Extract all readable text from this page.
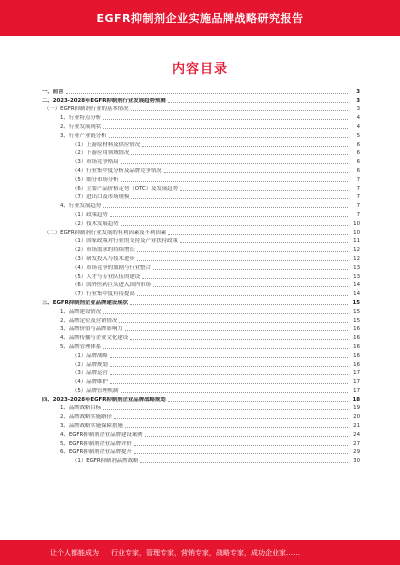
EGFR抑制剂企业实施品牌战略研究报告
内容目录
一、前言	3
二、2023-2028年EGFR抑制剂行业发展趋势预测	3
（一）EGFR抑制剂行业的基本情况	3
1、行业特点分析	4
2、行业发展现状	4
3、行业产业链分析	5
（1）上游原材料及供应情况	6
（2）下游应用领域情况	6
（3）市场竞争格局	6
（4）行业集中度分析及品牌竞争情况	6
（5）细分市场分析	7
（6）主要产品价格走势（OTC）及发展趋势	7
（7）进出口及市场规模	7
4、行业发展趋势	7
（1）政策趋势	7
（2）技术发展趋势	10
（二）EGFR抑制剂行业发展的有利因素及不利因素	10
（1）国家政策对行业的支持及产业扶持政策	11
（2）市场需求的持续增长	12
（3）研发投入与技术进步	12
（4）市场竞争的加剧与行业整合	13
（5）人才与专业队伍的建设	13
（6）国外医药巨头进入国内市场	14
（7）行业集中度有待提高	14
三、EGFR抑制剂企业品牌建设现状	15
1、品牌建设情况	15
2、品牌定位及营销情况	15
3、品牌价值与品牌影响力	16
4、品牌传播与企业文化建设	16
5、品牌管理体系	16
（1）品牌战略	16
（2）品牌规划	16
（3）品牌运营	17
（4）品牌维护	17
（5）品牌管理机制	17
四、2023-2028年EGFR抑制剂企业品牌战略规划	18
1、品牌战略目标	19
2、品牌战略实施路径	20
3、品牌战略实施保障措施	21
4、EGFR抑制剂企业品牌建设案例	24
5、EGFR抑制剂企业品牌评价	27
6、EGFR抑制剂企业品牌提升	29
（1）EGFR抑制剂品牌战略	30
让个人都能成为 行业专家，管理专家，营销专家，战略专家，成功企业家……
